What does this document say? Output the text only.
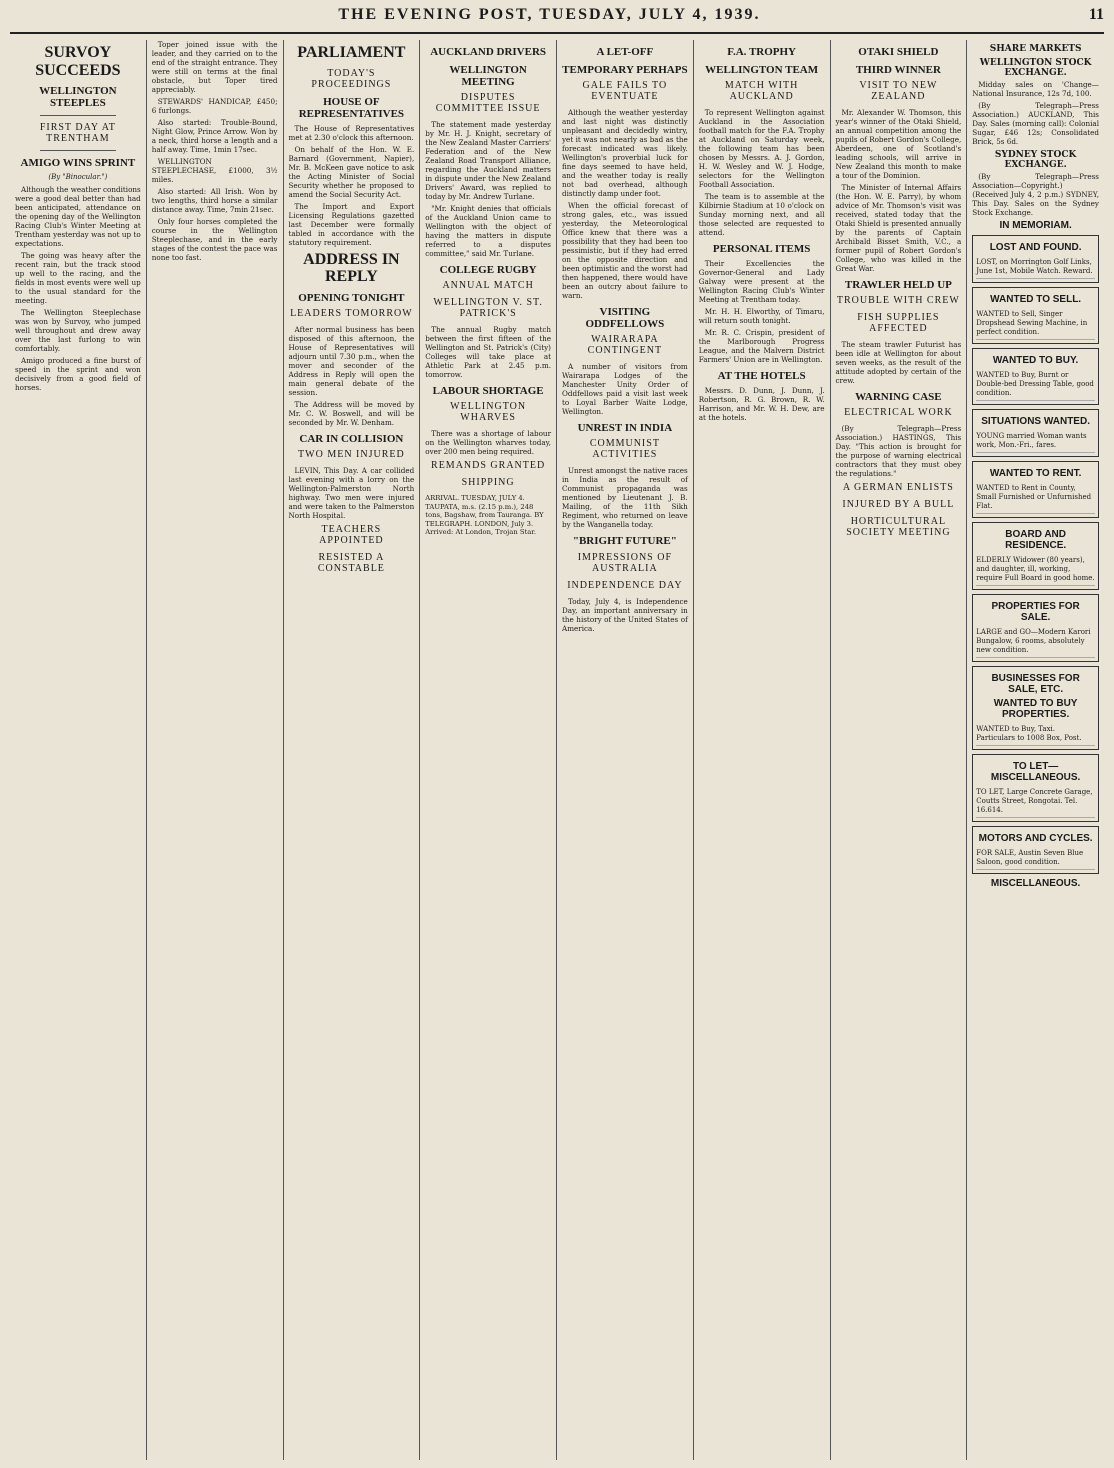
THE EVENING POST, TUESDAY, JULY 4, 1939.	11
SURVOY SUCCEEDS
WELLINGTON STEEPLES
FIRST DAY AT TRENTHAM
AMIGO WINS SPRINT
(By "Binocular.")

Although the weather conditions were a good deal better than had been anticipated, attendance on the opening day of the Wellington Racing Club's Winter Meeting at Trentham yesterday was not up to expectations.

The going was heavy after the recent rain, but the track stood up well to the racing, and the fields in most events were well up to the usual standard for the meeting.

The Wellington Steeplechase was won by Survoy, who jumped well throughout and drew away over the last furlong to win comfortably.

Amigo produced a fine burst of speed in the sprint and won decisively from a good field of horses.

Toper joined issue with the leader, and they carried on to the end of the straight entrance. They were still on terms at the final obstacle, but Toper tired appreciably.

STEWARDS' HANDICAP, £450; 6 furlongs.

Also started: Trouble-Bound, Night Glow, Prince Arrow. Won by a neck, third horse a length and a half away. Time, 1min 17sec.

WELLINGTON STEEPLECHASE, £1000, 3½ miles.

Also started: All Irish. Won by two lengths, third horse a similar distance away. Time, 7min 21sec.

Only four horses completed the course in the Wellington Steeplechase, and in the early stages of the contest the pace was none too fast.

PARLIAMENT
TODAY'S PROCEEDINGS
HOUSE OF REPRESENTATIVES

The House of Representatives met at 2.30 o'clock this afternoon.

On behalf of the Hon. W. E. Barnard (Government, Napier), Mr. B. McKeen gave notice to ask the Acting Minister of Social Security whether he proposed to amend the Social Security Act.

The Import and Export Licensing Regulations gazetted last December were formally tabled in accordance with the statutory requirement.

ADDRESS IN REPLY
OPENING TONIGHT
LEADERS TOMORROW

After normal business has been disposed of this afternoon, the House of Representatives will adjourn until 7.30 p.m., when the mover and seconder of the Address in Reply will open the main general debate of the session.

The Address will be moved by Mr. C. W. Boswell, and will be seconded by Mr. W. Denham.

CAR IN COLLISION
TWO MEN INJURED

LEVIN, This Day. A car collided last evening with a lorry on the Wellington-Palmerston North highway. Two men were injured and were taken to the Palmerston North Hospital.

TEACHERS APPOINTED
RESISTED A CONSTABLE
AUCKLAND DRIVERS
WELLINGTON MEETING
DISPUTES COMMITTEE ISSUE

The statement made yesterday by Mr. H. J. Knight, secretary of the New Zealand Master Carriers' Federation and of the New Zealand Road Transport Alliance, regarding the Auckland matters in dispute under the New Zealand Drivers' Award, was replied to today by Mr. Andrew Turlane.

"Mr. Knight denies that officials of the Auckland Union came to Wellington with the object of having the matters in dispute referred to a disputes committee," said Mr. Turlane.

COLLEGE RUGBY
ANNUAL MATCH
WELLINGTON V. ST. PATRICK'S

The annual Rugby match between the first fifteen of the Wellington and St. Patrick's (City) Colleges will take place at Athletic Park at 2.45 p.m. tomorrow.

LABOUR SHORTAGE
WELLINGTON WHARVES

There was a shortage of labour on the Wellington wharves today, over 200 men being required.

REMANDS GRANTED
SHIPPING
ARRIVAL. TUESDAY, JULY 4. TAUPATA, m.s. (2.15 p.m.), 248 tons, Bagshaw, from Tauranga. BY TELEGRAPH. LONDON, July 3. Arrived: At London, Trojan Star.
A LET-OFF
TEMPORARY PERHAPS
GALE FAILS TO EVENTUATE

Although the weather yesterday and last night was distinctly unpleasant and decidedly wintry, yet it was not nearly as bad as the forecast indicated was likely. Wellington's proverbial luck for fine days seemed to have held, and the weather today is really not bad overhead, although distinctly damp under foot.

When the official forecast of strong gales, etc., was issued yesterday, the Meteorological Office knew that there was a possibility that they had been too pessimistic, but if they had erred on the opposite direction and been optimistic and the worst had then happened, there would have been an outcry about failure to warn.

VISITING ODDFELLOWS
WAIRARAPA CONTINGENT

A number of visitors from Wairarapa Lodges of the Manchester Unity Order of Oddfellows paid a visit last week to Loyal Barber Waite Lodge, Wellington.

UNREST IN INDIA
COMMUNIST ACTIVITIES

Unrest amongst the native races in India as the result of Communist propaganda was mentioned by Lieutenant J. B. Mailing, of the 11th Sikh Regiment, who returned on leave by the Wanganella today.

"BRIGHT FUTURE"
IMPRESSIONS OF AUSTRALIA
INDEPENDENCE DAY

Today, July 4, is Independence Day, an important anniversary in the history of the United States of America.

F.A. TROPHY
WELLINGTON TEAM
MATCH WITH AUCKLAND

To represent Wellington against Auckland in the Association football match for the F.A. Trophy at Auckland on Saturday week, the following team has been chosen by Messrs. A. J. Gordon, H. W. Wesley and W. J. Hodge, selectors for the Wellington Football Association.

The team is to assemble at the Kilbirnie Stadium at 10 o'clock on Sunday morning next, and all those selected are requested to attend.

PERSONAL ITEMS

Their Excellencies the Governor-General and Lady Galway were present at the Wellington Racing Club's Winter Meeting at Trentham today.

Mr. H. H. Elworthy, of Timaru, will return south tonight.

Mr. R. C. Crispin, president of the Marlborough Progress League, and the Malvern District Farmers' Union are in Wellington.

AT THE HOTELS

Messrs. D. Dunn, J. Dunn, J. Robertson, R. G. Brown, R. W. Harrison, and Mr. W. H. Dew, are at the hotels.

OTAKI SHIELD
THIRD WINNER
VISIT TO NEW ZEALAND

Mr. Alexander W. Thomson, this year's winner of the Otaki Shield, an annual competition among the pupils of Robert Gordon's College, Aberdeen, one of Scotland's leading schools, will arrive in New Zealand this month to make a tour of the Dominion.

The Minister of Internal Affairs (the Hon. W. E. Parry), by whom advice of Mr. Thomson's visit was received, stated today that the Otaki Shield is presented annually by the parents of Captain Archibald Bisset Smith, V.C., a former pupil of Robert Gordon's College, who was killed in the Great War.

TRAWLER HELD UP
TROUBLE WITH CREW
FISH SUPPLIES AFFECTED

The steam trawler Futurist has been idle at Wellington for about seven weeks, as the result of the attitude adopted by certain of the crew.

WARNING CASE
ELECTRICAL WORK

(By Telegraph—Press Association.) HASTINGS, This Day. "This action is brought for the purpose of warning electrical contractors that they must obey the regulations."

A GERMAN ENLISTS
INJURED BY A BULL
HORTICULTURAL SOCIETY MEETING
SHARE MARKETS
WELLINGTON STOCK EXCHANGE.

Midday sales on 'Change—National Insurance, 12s 7d, 100.

(By Telegraph—Press Association.) AUCKLAND, This Day. Sales (morning call): Colonial Sugar, £46 12s; Consolidated Brick, 5s 6d.

SYDNEY STOCK EXCHANGE.

(By Telegraph—Press Association—Copyright.) (Received July 4, 2 p.m.) SYDNEY, This Day. Sales on the Sydney Stock Exchange.

IN MEMORIAM.
LOST AND FOUND.
LOST, on Morrington Golf Links, June 1st, Mobile Watch. Reward.
WANTED TO SELL.
WANTED to Sell, Singer Dropshead Sewing Machine, in perfect condition.
WANTED TO BUY.
WANTED to Buy, Burnt or Double-bed Dressing Table, good condition.
SITUATIONS WANTED.
YOUNG married Woman wants work, Mon.-Fri., fares.
WANTED TO RENT.
WANTED to Rent in County, Small Furnished or Unfurnished Flat.
BOARD AND RESIDENCE.
ELDERLY Widower (80 years), and daughter, ill, working, require Full Board in good home.
PROPERTIES FOR SALE.
LARGE and GO—Modern Karori Bungalow, 6 rooms, absolutely new condition.
BUSINESSES FOR SALE, ETC.
WANTED TO BUY PROPERTIES.
WANTED to Buy, Taxi. Particulars to 1008 Box, Post.
TO LET—MISCELLANEOUS.
TO LET, Large Concrete Garage, Coutts Street, Rongotai. Tel. 16.614.
MOTORS AND CYCLES.
FOR SALE, Austin Seven Blue Saloon, good condition.
MISCELLANEOUS.
